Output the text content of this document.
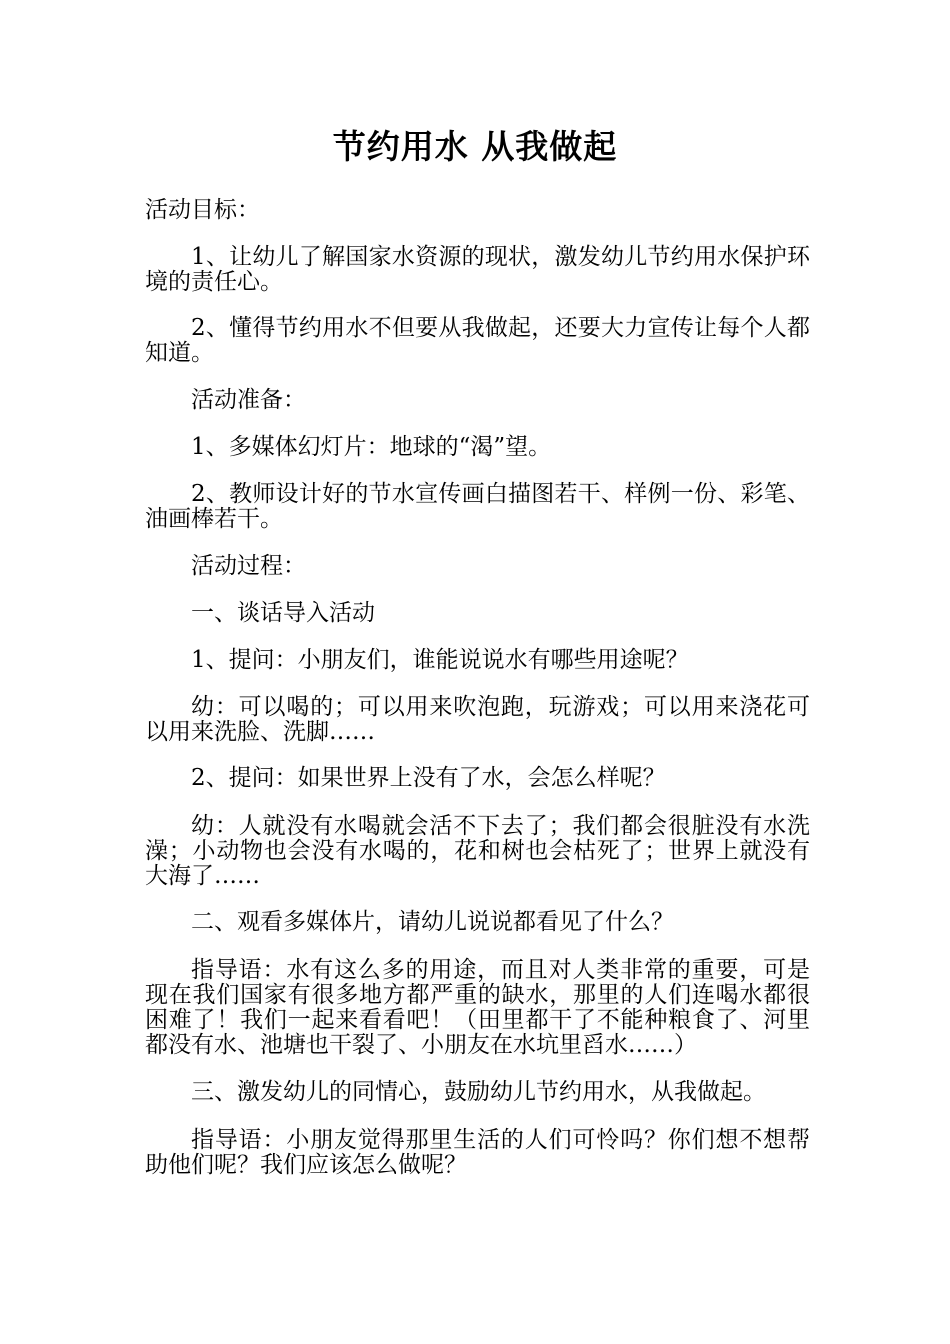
节约用水 从我做起

活动目标：

1、让幼儿了解国家水资源的现状，激发幼儿节约用水保护环境的责任心。

2、懂得节约用水不但要从我做起，还要大力宣传让每个人都知道。

活动准备：

1、多媒体幻灯片：地球的“渴”望。

2、教师设计好的节水宣传画白描图若干、样例一份、彩笔、油画棒若干。

活动过程：

一、谈话导入活动

1、提问：小朋友们，谁能说说水有哪些用途呢？

幼：可以喝的；可以用来吹泡跑，玩游戏；可以用来浇花可以用来洗脸、洗脚……

2、提问：如果世界上没有了水，会怎么样呢？

幼：人就没有水喝就会活不下去了；我们都会很脏没有水洗澡；小动物也会没有水喝的，花和树也会枯死了；世界上就没有大海了……

二、观看多媒体片，请幼儿说说都看见了什么？

指导语：水有这么多的用途，而且对人类非常的重要，可是现在我们国家有很多地方都严重的缺水，那里的人们连喝水都很困难了！我们一起来看看吧！（田里都干了不能种粮食了、河里都没有水、池塘也干裂了、小朋友在水坑里舀水……）

三、激发幼儿的同情心，鼓励幼儿节约用水，从我做起。

指导语：小朋友觉得那里生活的人们可怜吗？你们想不想帮助他们呢？我们应该怎么做呢？
